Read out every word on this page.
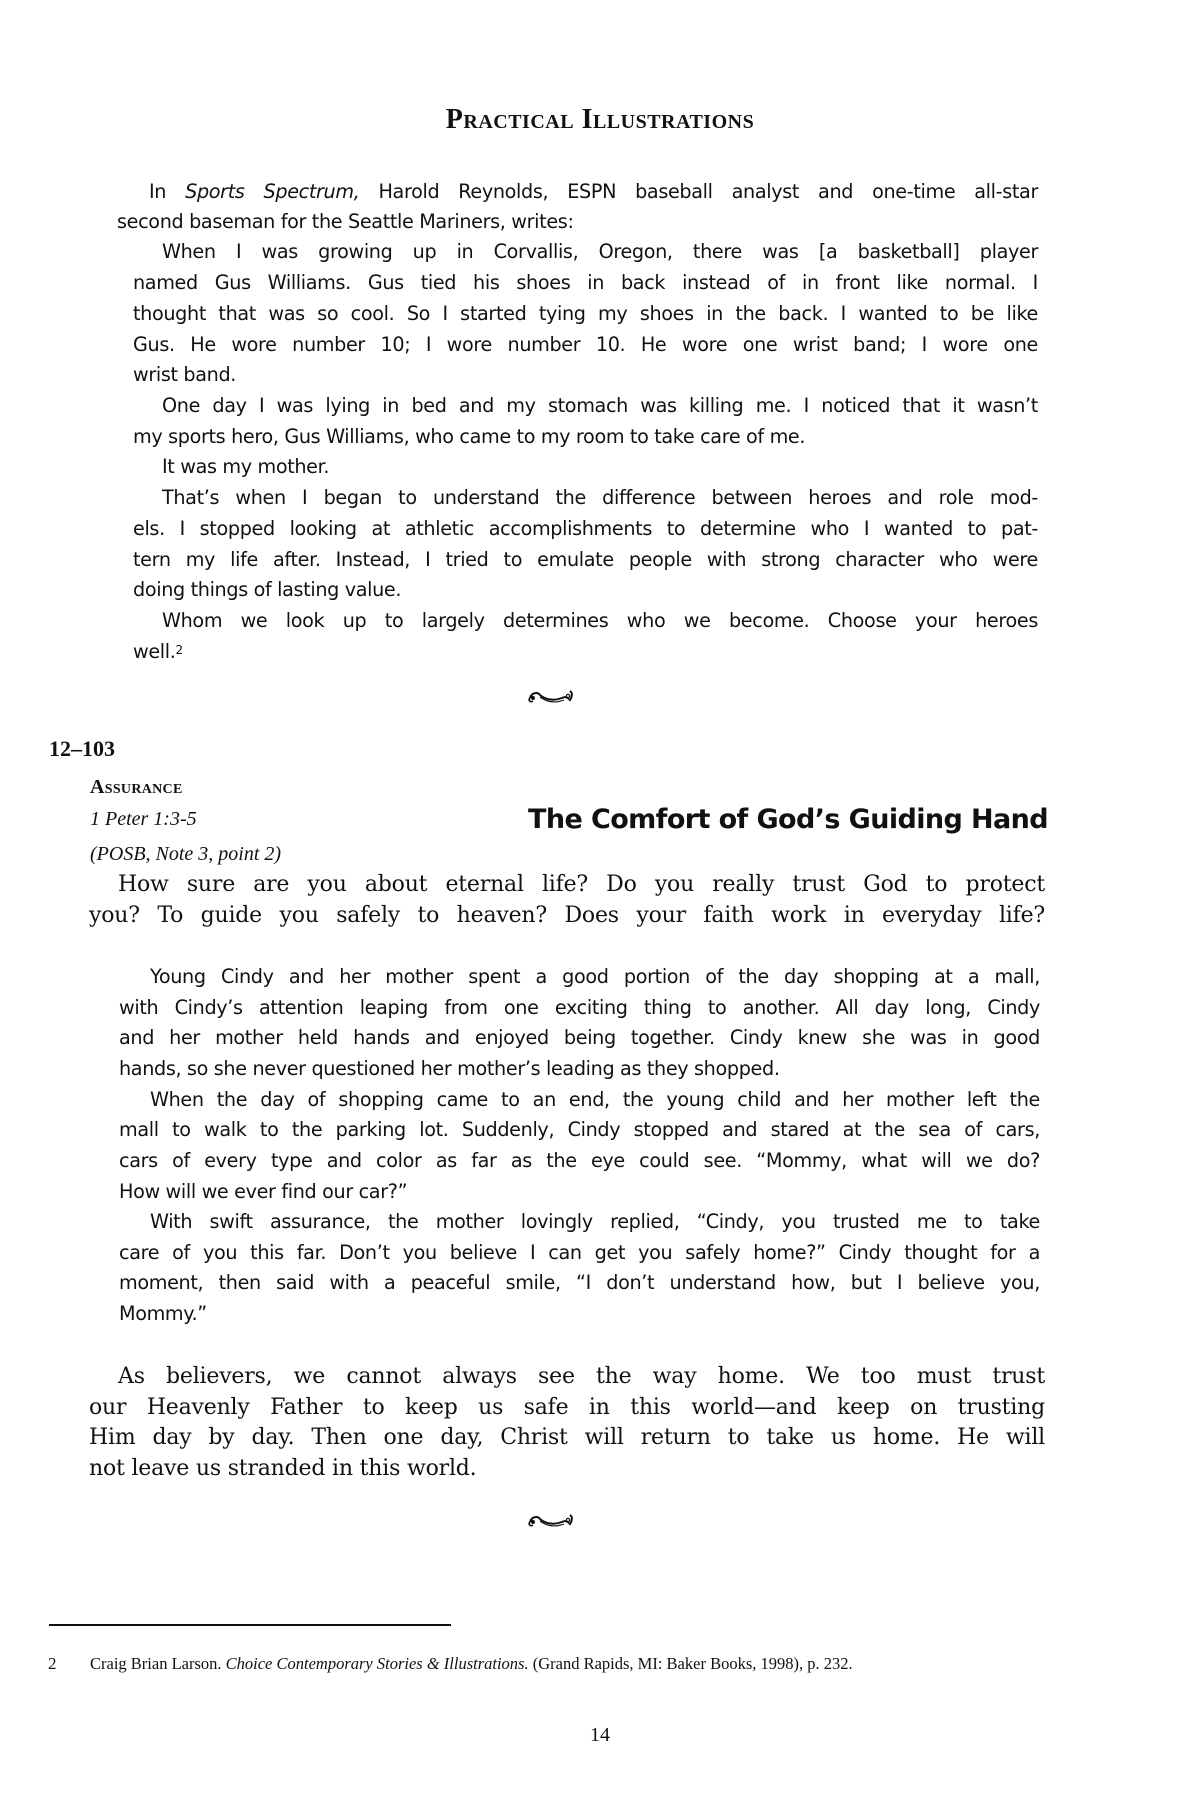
Practical Illustrations
In Sports Spectrum, Harold Reynolds, ESPN baseball analyst and one-time all-star
second baseman for the Seattle Mariners, writes:
When I was growing up in Corvallis, Oregon, there was [a basketball] player
named Gus Williams. Gus tied his shoes in back instead of in front like normal. I
thought that was so cool. So I started tying my shoes in the back. I wanted to be like
Gus. He wore number 10; I wore number 10. He wore one wrist band; I wore one
wrist band.
One day I was lying in bed and my stomach was killing me. I noticed that it wasn’t
my sports hero, Gus Williams, who came to my room to take care of me.
It was my mother.
That’s when I began to understand the difference between heroes and role mod-
els. I stopped looking at athletic accomplishments to determine who I wanted to pat-
tern my life after. Instead, I tried to emulate people with strong character who were
doing things of lasting value.
Whom we look up to largely determines who we become. Choose your heroes
well.$^2$
12–103
Assurance
1 Peter 1:3-5
(POSB, Note 3, point 2)
The Comfort of God’s Guiding Hand
How sure are you about eternal life? Do you really trust God to protect
you? To guide you safely to heaven? Does your faith work in everyday life?
Young Cindy and her mother spent a good portion of the day shopping at a mall,
with Cindy’s attention leaping from one exciting thing to another. All day long, Cindy
and her mother held hands and enjoyed being together. Cindy knew she was in good
hands, so she never questioned her mother’s leading as they shopped.
When the day of shopping came to an end, the young child and her mother left the
mall to walk to the parking lot. Suddenly, Cindy stopped and stared at the sea of cars,
cars of every type and color as far as the eye could see. “Mommy, what will we do?
How will we ever find our car?”
With swift assurance, the mother lovingly replied, “Cindy, you trusted me to take
care of you this far. Don’t you believe I can get you safely home?” Cindy thought for a
moment, then said with a peaceful smile, “I don’t understand how, but I believe you,
Mommy.”
As believers, we cannot always see the way home. We too must trust
our Heavenly Father to keep us safe in this world—and keep on trusting
Him day by day. Then one day, Christ will return to take us home. He will
not leave us stranded in this world.
2 Craig Brian Larson. Choice Contemporary Stories & Illustrations. (Grand Rapids, MI: Baker Books, 1998), p. 232.
14
